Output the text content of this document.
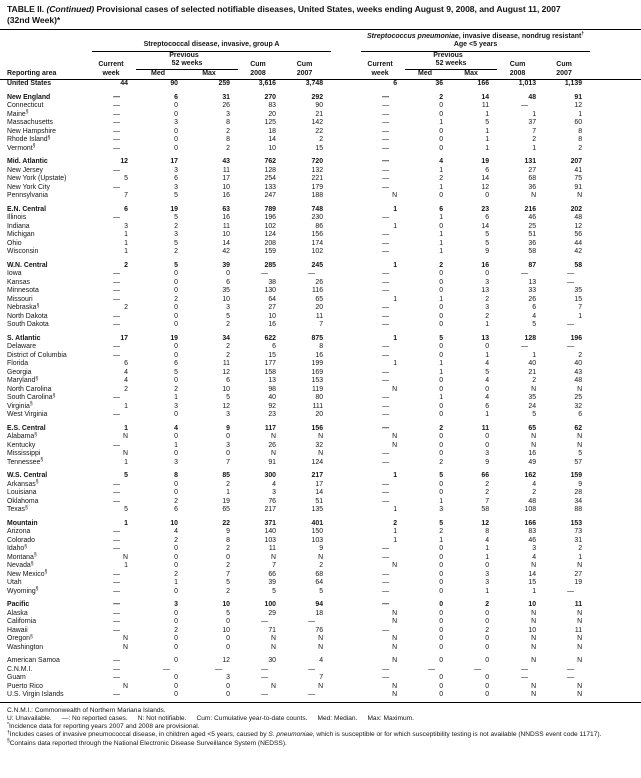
TABLE II. (Continued) Provisional cases of selected notifiable diseases, United States, weeks ending August 9, 2008, and August 11, 2007
(32nd Week)*
	Streptococcal disease, invasive, group A						Streptococcus pneumoniae, invasive disease, nondrug resistant†
Age <5 years					

		Previous						Previous				
	Current	52 weeks		Cum	Cum		Current	52 weeks		Cum	Cum	
Reporting area	week	Med	Max	2008	2007		week	Med	Max	2008	2007	
United States	44	90	259	3,616	3,748		6	36	166	1,013	1,139	

New England	—	6	31	270	292		—	2	14	48	91	
Connecticut	—	0	26	83	90		—	0	11	—	12	
Maine§	—	0	3	20	21		—	0	1	1	1	
Massachusetts	—	3	8	125	142		—	1	5	37	60	
New Hampshire	—	0	2	18	22		—	0	1	7	8	
Rhode Island§	—	0	8	14	2		—	0	1	2	8	
Vermont§	—	0	2	10	15		—	0	1	1	2	

Mid. Atlantic	12	17	43	762	720		—	4	19	131	207	
New Jersey	—	3	11	128	132		—	1	6	27	41	
New York (Upstate)	5	6	17	254	221		—	2	14	68	75	
New York City	—	3	10	133	179		—	1	12	36	91	
Pennsylvania	7	5	16	247	188		N	0	0	N	N	

E.N. Central	6	19	63	789	748		1	6	23	216	202	
Illinois	—	5	16	196	230		—	1	6	46	48	
Indiana	3	2	11	102	86		1	0	14	25	12	
Michigan	1	3	10	124	156		—	1	5	51	56	
Ohio	1	5	14	208	174		—	1	5	36	44	
Wisconsin	1	2	42	159	102		—	1	9	58	42	

W.N. Central	2	5	39	285	245		1	2	16	87	58	
Iowa	—	0	0	—	—		—	0	0	—	—	
Kansas	—	0	6	38	26		—	0	3	13	—	
Minnesota	—	0	35	130	116		—	0	13	33	35	
Missouri	—	2	10	64	65		1	1	2	26	15	
Nebraska§	2	0	3	27	20		—	0	3	6	7	
North Dakota	—	0	5	10	11		—	0	2	4	1	
South Dakota	—	0	2	16	7		—	0	1	5	—	

S. Atlantic	17	19	34	622	875		1	5	13	128	196	
Delaware	—	0	2	6	8		—	0	0	—	—	
District of Columbia	—	0	2	15	16		—	0	1	1	2	
Florida	6	6	11	177	199		1	1	4	40	40	
Georgia	4	5	12	158	169		—	1	5	21	43	
Maryland§	4	0	6	13	153		—	0	4	2	48	
North Carolina	2	2	10	98	119		N	0	0	N	N	
South Carolina§	—	1	5	40	80		—	1	4	35	25	
Virginia§	1	3	12	92	111		—	0	6	24	32	
West Virginia	—	0	3	23	20		—	0	1	5	6	

E.S. Central	1	4	9	117	156		—	2	11	65	62	
Alabama§	N	0	0	N	N		N	0	0	N	N	
Kentucky	—	1	3	26	32		N	0	0	N	N	
Mississippi	N	0	0	N	N		—	0	3	16	5	
Tennessee§	1	3	7	91	124		—	2	9	49	57	

W.S. Central	5	8	85	300	217		1	5	66	162	159	
Arkansas§	—	0	2	4	17		—	0	2	4	9	
Louisiana	—	0	1	3	14		—	0	2	2	28	
Oklahoma	—	2	19	76	51		—	1	7	48	34	
Texas§	5	6	65	217	135		1	3	58	108	88	

Mountain	1	10	22	371	401		2	5	12	166	153	
Arizona	—	4	9	140	150		1	2	8	83	73	
Colorado	—	2	8	103	103		1	1	4	46	31	
Idaho§	—	0	2	11	9		—	0	1	3	2	
Montana§	N	0	0	N	N		—	0	1	4	1	
Nevada§	1	0	2	7	2		N	0	0	N	N	
New Mexico§	—	2	7	66	68		—	0	3	14	27	
Utah	—	1	5	39	64		—	0	3	15	19	
Wyoming§	—	0	2	5	5		—	0	1	1	—	

Pacific	—	3	10	100	94		—	0	2	10	11	
Alaska	—	0	5	29	18		N	0	0	N	N	
California	—	0	0	—	—		N	0	0	N	N	
Hawaii	—	2	10	71	76		—	0	2	10	11	
Oregon§	N	0	0	N	N		N	0	0	N	N	
Washington	N	0	0	N	N		N	0	0	N	N	

American Samoa	—	0	12	30	4		N	0	0	N	N	
C.N.M.I.	—	—	—	—	—		—	—	—	—	—	
Guam	—	0	3	—	7		—	0	0	—	—	
Puerto Rico	N	0	0	N	N		N	0	0	N	N	
U.S. Virgin Islands	—	0	0	—	—		N	0	0	N	N	
C.N.M.I.: Commonwealth of Northern Mariana Islands.
U: Unavailable. —: No reported cases. N: Not notifiable. Cum: Cumulative year-to-date counts. Med: Median. Max: Maximum.
*Incidence data for reporting years 2007 and 2008 are provisional.
†Includes cases of invasive pneumococcal disease, in children aged <5 years, caused by S. pneumoniae, which is susceptible or for which susceptibility testing is not available (NNDSS event code 11717).
§Contains data reported through the National Electronic Disease Surveillance System (NEDSS).
